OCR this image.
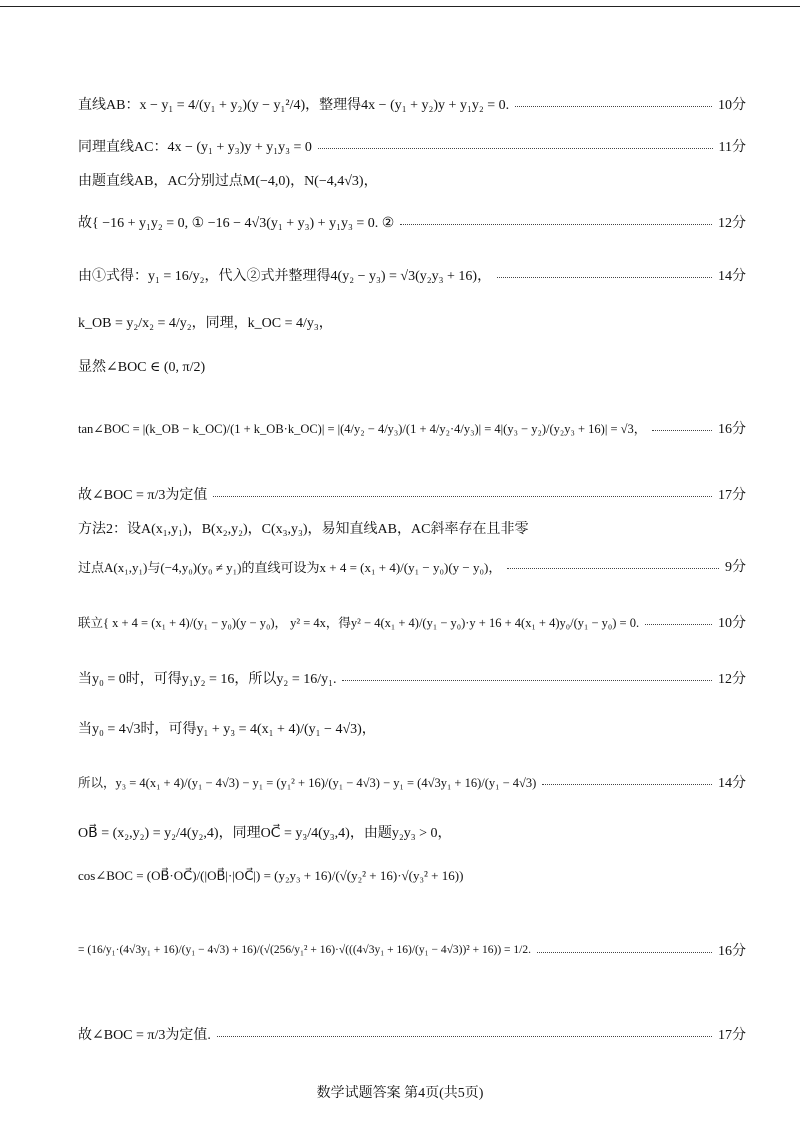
直线AB：x − y₁ = 4/(y₁ + y₂)(y − y₁²/4)，整理得4x − (y₁ + y₂)y + y₁y₂ = 0.	10分
同理直线AC：4x − (y₁ + y₃)y + y₁y₃ = 0	11分
由题直线AB，AC分别过点M(−4,0)，N(−4,4√3)，
故{ −16 + y₁y₂ = 0, ① −16 − 4√3(y₁ + y₃) + y₁y₃ = 0. ②	12分
由①式得：y₁ = 16/y₂，代入②式并整理得4(y₂ − y₃) = √3(y₂y₃ + 16)，	14分
k_OB = y₂/x₂ = 4/y₂，同理，k_OC = 4/y₃，
显然∠BOC ∈ (0, π/2)
tan∠BOC = |(k_OB − k_OC)/(1 + k_OB·k_OC)| = |(4/y₂ − 4/y₃)/(1 + 4/y₂·4/y₃)| = 4|(y₃ − y₂)/(y₂y₃ + 16)| = √3，	16分
故∠BOC = π/3为定值	17分
方法2：设A(x₁,y₁)，B(x₂,y₂)，C(x₃,y₃)，易知直线AB，AC斜率存在且非零
过点A(x₁,y₁)与(−4,y₀)(y₀ ≠ y₁)的直线可设为x + 4 = (x₁ + 4)/(y₁ − y₀)(y − y₀)，	9分
联立{ x + 4 = (x₁ + 4)/(y₁ − y₀)(y − y₀)， y² = 4x，得y² − 4(x₁ + 4)/(y₁ − y₀)·y + 16 + 4(x₁ + 4)y₀/(y₁ − y₀) = 0.	10分
当y₀ = 0时，可得y₁y₂ = 16，所以y₂ = 16/y₁.	12分
当y₀ = 4√3时，可得y₁ + y₃ = 4(x₁ + 4)/(y₁ − 4√3)，
所以，y₃ = 4(x₁ + 4)/(y₁ − 4√3) − y₁ = (y₁² + 16)/(y₁ − 4√3) − y₁ = (4√3y₁ + 16)/(y₁ − 4√3)	14分
OB⃗ = (x₂,y₂) = y₂/4(y₂,4)，同理OC⃗ = y₃/4(y₃,4)，由题y₂y₃ > 0，
cos∠BOC = (OB⃗·OC⃗)/(|OB⃗|·|OC⃗|) = (y₂y₃ + 16)/(√(y₂² + 16)·√(y₃² + 16))
= (16/y₁·(4√3y₁ + 16)/(y₁ − 4√3) + 16)/(√(256/y₁² + 16)·√(((4√3y₁ + 16)/(y₁ − 4√3))² + 16)) = 1/2.	16分
故∠BOC = π/3为定值.	17分
数学试题答案 第4页(共5页)
